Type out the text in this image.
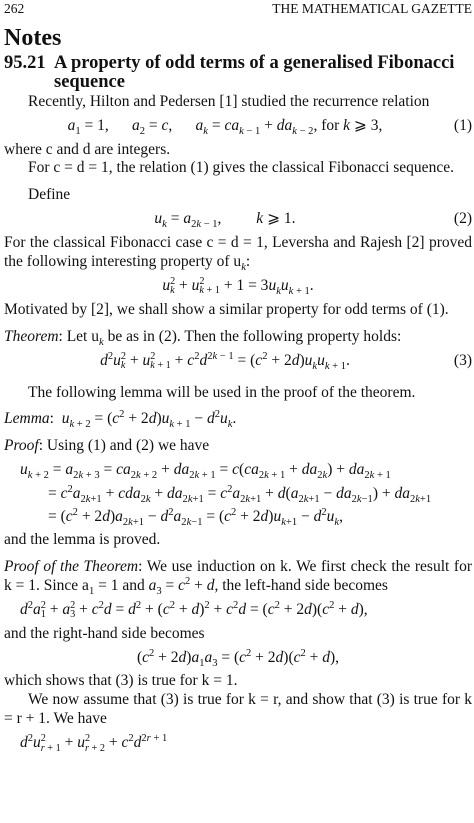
262	THE MATHEMATICAL GAZETTE
Notes
95.21 A property of odd terms of a generalised Fibonacci sequence

Recently, Hilton and Pedersen [1] studied the recurrence relation

$a_1 = 1$,      $a_2 = c$,      $a_k = ca_{k - 1} + da_{k - 2}$, for k ⩾ 3,	(1)

where c and d are integers.

For c = d = 1, the relation (1) gives the classical Fibonacci sequence.

Define

$u_k = a_{2k - 1}$,         k ⩾ 1.	(2)

For the classical Fibonacci case c = d = 1, Leversha and Rajesh [2] proved the following interesting property of $u_k$:

u 2
k + u 2
$k + 1 + 1 = 3u_ku_{k + 1}$.

Motivated by [2], we shall show a similar property for odd terms of (1).

Theorem: Let $u_k$ be as in (2). Then the following property holds:

$d^2u$ 2
k + u 2
$k + 1 + c^2d^{2k - 1} = (c^2 + 2d)u_ku_{k + 1}$.	(3)

The following lemma will be used in the proof of the theorem.

Lemma:  $u_{k + 2} = (c^2 + 2d)u_{k + 1} - d^2u_k$.

Proof: Using (1) and (2) we have

$u_{k + 2} = a_{2k + 3} = ca_{2k + 2} + da_{2k + 1} = c(ca_{2k + 1} + da_{2k}) + da_{2k + 1}$
= $c^2a_{2k+1} + cda_{2k} + da_{2k+1} = c^2a_{2k+1} + d(a_{2k+1} - da_{2k-1}) + da_{2k+1}$
= $(c^2 + 2d)a_{2k+1} - d^2a_{2k-1} = (c^2 + 2d)u_{k+1} - d^2u_k$,

and the lemma is proved.

Proof of the Theorem: We use induction on k. We first check the result for k = 1. Since $a_1 = 1$ and $a_3 = c^2 + d$, the left-hand side becomes

$d^2a$ 2
1 + a 2
$3 + c^2d = d^2 + (c^2 + d)^2 + c^2d = (c^2 + 2d)(c^2 + d)$,

and the right-hand side becomes

$(c^2 + 2d)a_1a_3 = (c^2 + 2d)(c^2 + d)$,

which shows that (3) is true for k = 1.

We now assume that (3) is true for k = r, and show that (3) is true for k = r + 1. We have

$d^2u$ 2
r + 1 + u 2
$r + 2 + c^2d^{2r + 1}$
